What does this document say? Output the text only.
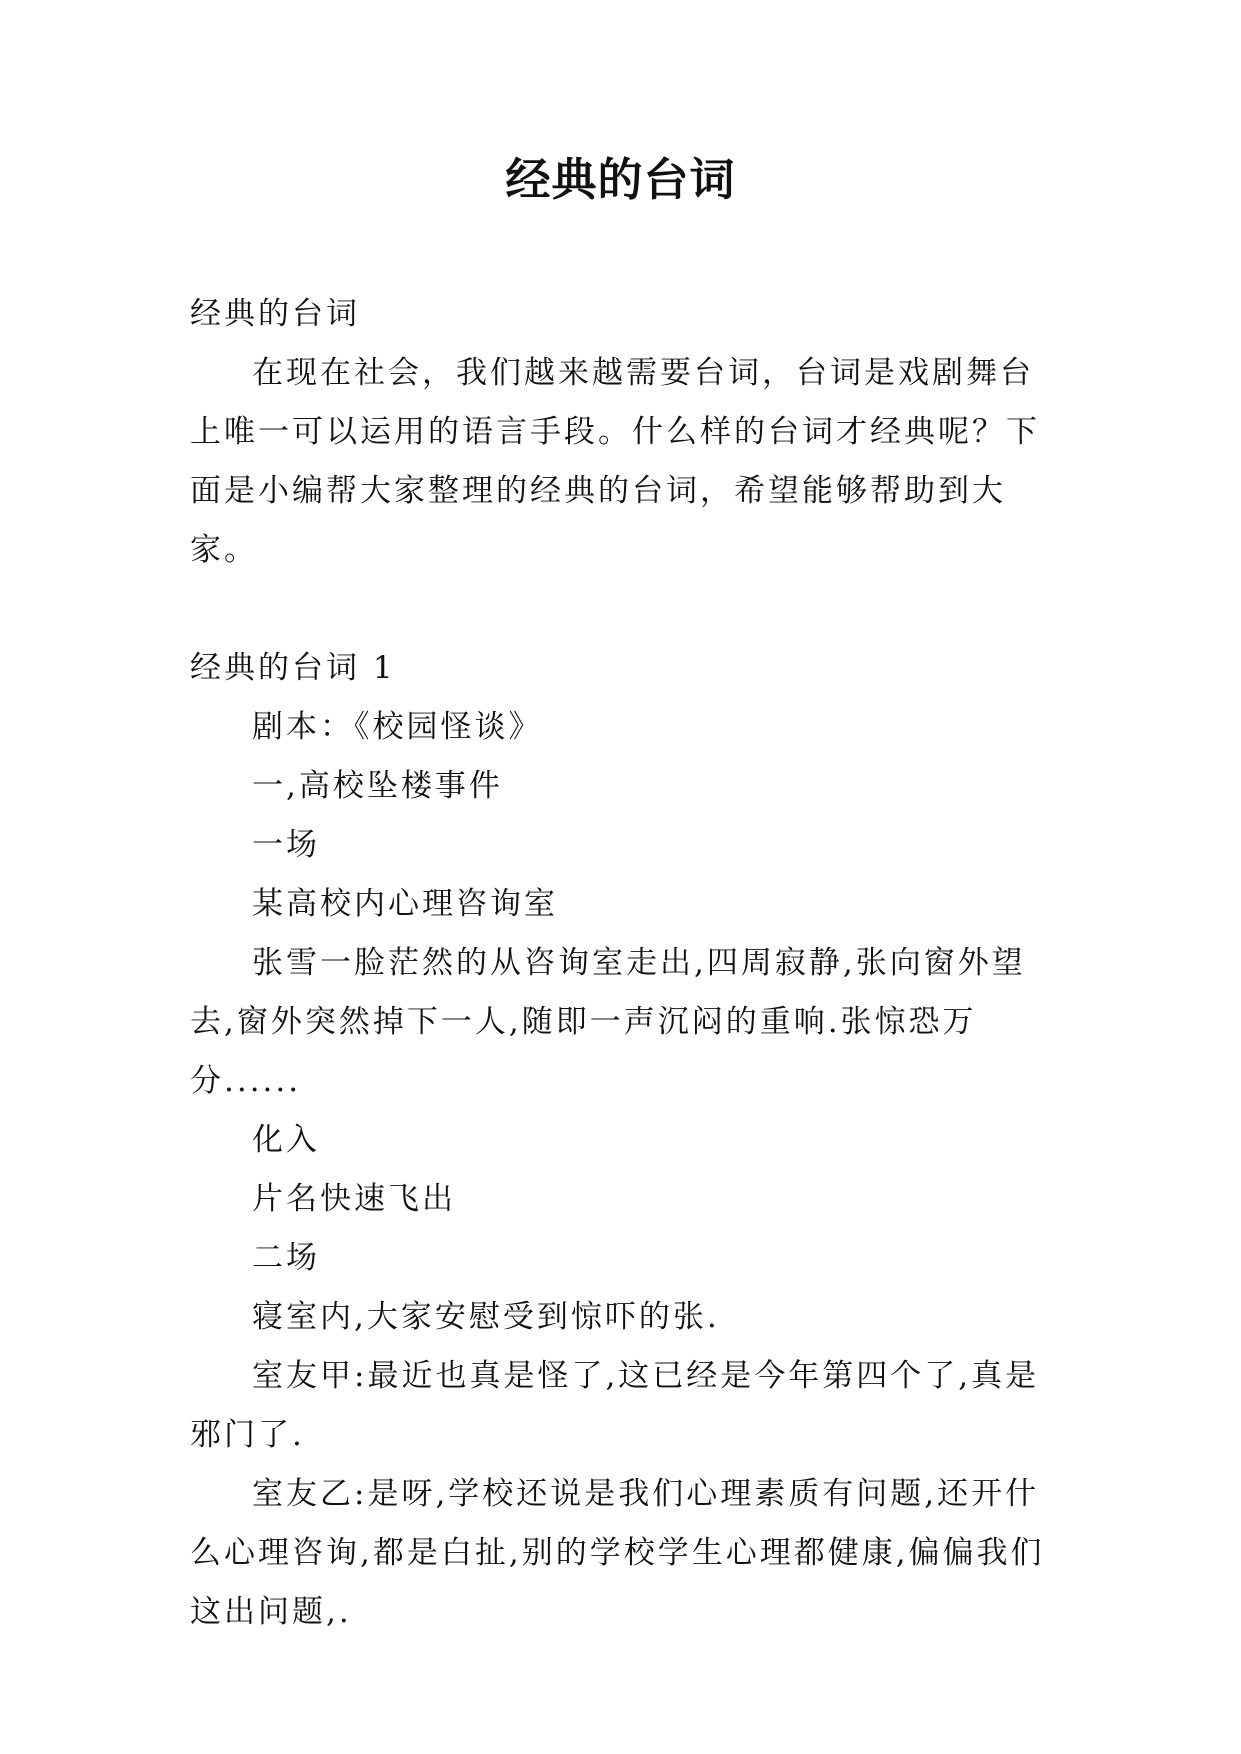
经典的台词

经典的台词

在现在社会，我们越来越需要台词，台词是戏剧舞台上唯一可以运用的语言手段。什么样的台词才经典呢？下面是小编帮大家整理的经典的台词，希望能够帮助到大家。

经典的台词 1

剧本：《校园怪谈》

一,高校坠楼事件

一场

某高校内心理咨询室

张雪一脸茫然的从咨询室走出,四周寂静,张向窗外望去,窗外突然掉下一人,随即一声沉闷的重响.张惊恐万分......

化入

片名快速飞出

二场

寝室内,大家安慰受到惊吓的张.

室友甲:最近也真是怪了,这已经是今年第四个了,真是邪门了.

室友乙:是呀,学校还说是我们心理素质有问题,还开什么心理咨询,都是白扯,别的学校学生心理都健康,偏偏我们这出问题,.
